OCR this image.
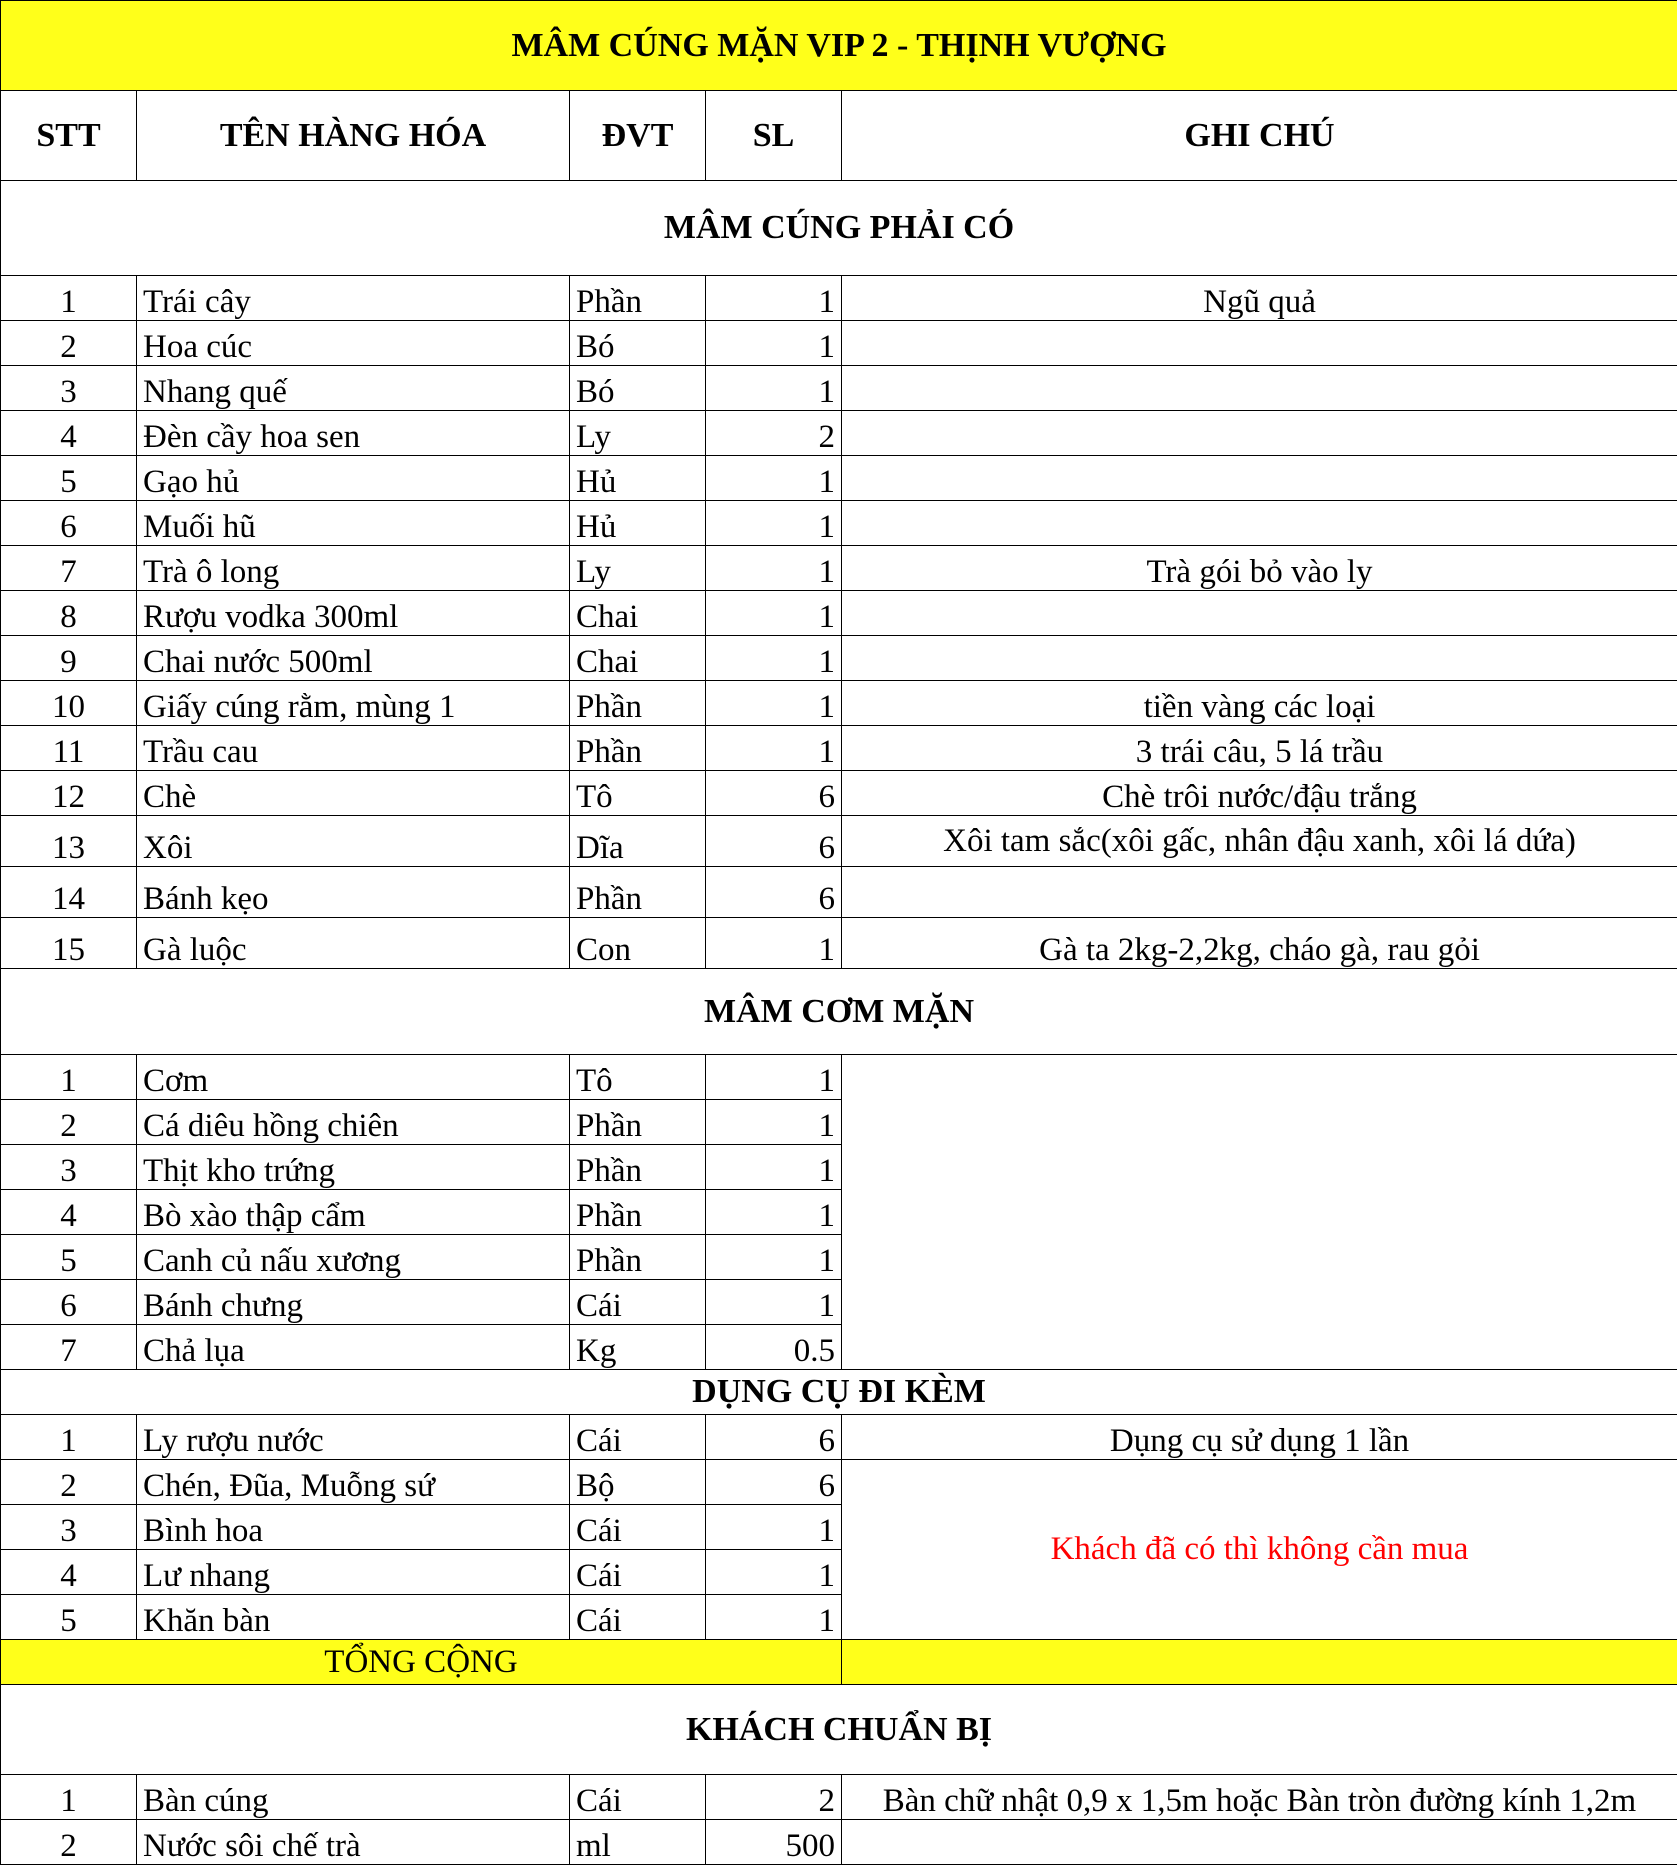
MÂM CÚNG MẶN VIP 2 - THỊNH VƯỢNG				
STT	TÊN HÀNG HÓA	ĐVT	SL	GHI CHÚ
MÂM CÚNG PHẢI CÓ				
1	Trái cây	Phần	1	Ngũ quả
2	Hoa cúc	Bó	1	
3	Nhang quế	Bó	1	
4	Đèn cầy hoa sen	Ly	2	
5	Gạo hủ	Hủ	1	
6	Muối hũ	Hủ	1	
7	Trà ô long	Ly	1	Trà gói bỏ vào ly
8	Rượu vodka 300ml	Chai	1	
9	Chai nước 500ml	Chai	1	
10	Giấy cúng rằm, mùng 1	Phần	1	tiền vàng các loại
11	Trầu cau	Phần	1	3 trái câu, 5 lá trầu
12	Chè	Tô	6	Chè trôi nước/đậu trắng
13	Xôi	Dĩa	6	Xôi tam sắc(xôi gấc, nhân đậu xanh, xôi lá dứa)
14	Bánh kẹo	Phần	6	
15	Gà luộc	Con	1	Gà ta 2kg-2,2kg, cháo gà, rau gỏi
MÂM CƠM MẶN				
1	Cơm	Tô	1	
2	Cá diêu hồng chiên	Phần	1	
3	Thịt kho trứng	Phần	1	
4	Bò xào thập cẩm	Phần	1	
5	Canh củ nấu xương	Phần	1	
6	Bánh chưng	Cái	1	
7	Chả lụa	Kg	0.5	
DỤNG CỤ ĐI KÈM				
1	Ly rượu nước	Cái	6	Dụng cụ sử dụng 1 lần
2	Chén, Đũa, Muỗng sứ	Bộ	6	Khách đã có thì không cần mua
3	Bình hoa	Cái	1	
4	Lư nhang	Cái	1	
5	Khăn bàn	Cái	1	
TỔNG CỘNG				
KHÁCH CHUẨN BỊ				
1	Bàn cúng	Cái	2	Bàn chữ nhật 0,9 x 1,5m hoặc Bàn tròn đường kính 1,2m
2	Nước sôi chế trà	ml	500	
